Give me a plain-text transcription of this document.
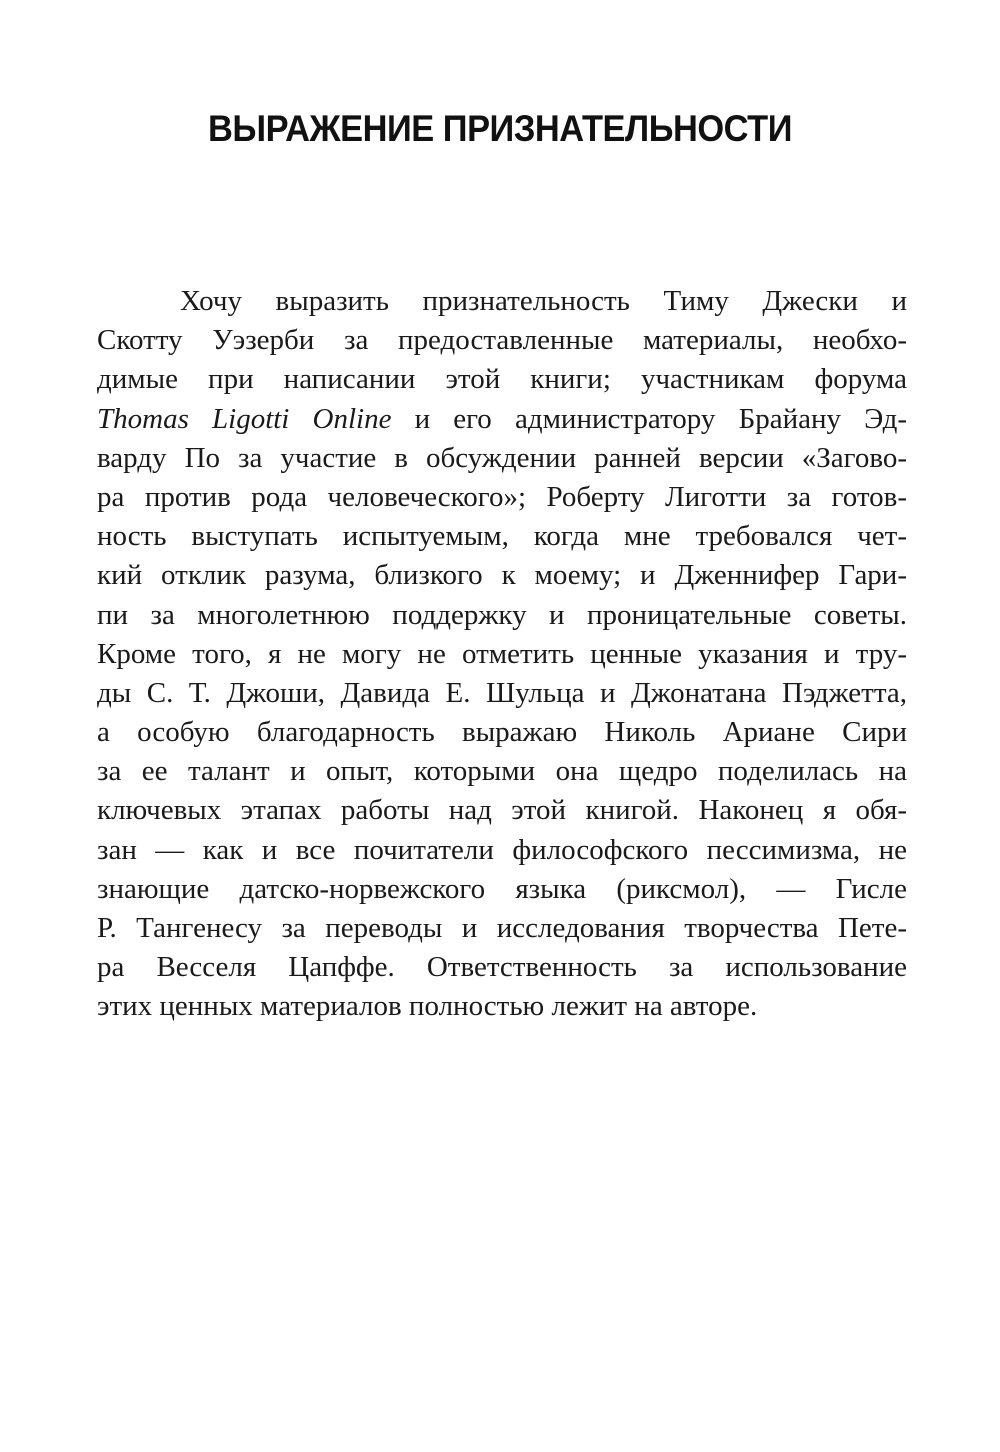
ВЫРАЖЕНИЕ ПРИЗНАТЕЛЬНОСТИ
Хочу выразить признательность Тиму Джески и
Скотту Уэзерби за предоставленные материалы, необхо-
димые при написании этой книги; участникам форума
Thomas Ligotti Online и его администратору Брайану Эд-
варду По за участие в обсуждении ранней версии «Загово-
ра против рода человеческого»; Роберту Лиготти за готов-
ность выступать испытуемым, когда мне требовался чет-
кий отклик разума, близкого к моему; и Дженнифер Гари-
пи за многолетнюю поддержку и проницательные советы.
Кроме того, я не могу не отметить ценные указания и тру-
ды С. Т. Джоши, Давида Е. Шульца и Джонатана Пэджетта,
а особую благодарность выражаю Николь Ариане Сири
за ее талант и опыт, которыми она щедро поделилась на
ключевых этапах работы над этой книгой. Наконец я обя-
зан — как и все почитатели философского пессимизма, не
знающие датско-норвежского языка (риксмол), — Гисле
Р. Тангенесу за переводы и исследования творчества Пете-
ра Весселя Цапффе. Ответственность за использование
этих ценных материалов полностью лежит на авторе.
